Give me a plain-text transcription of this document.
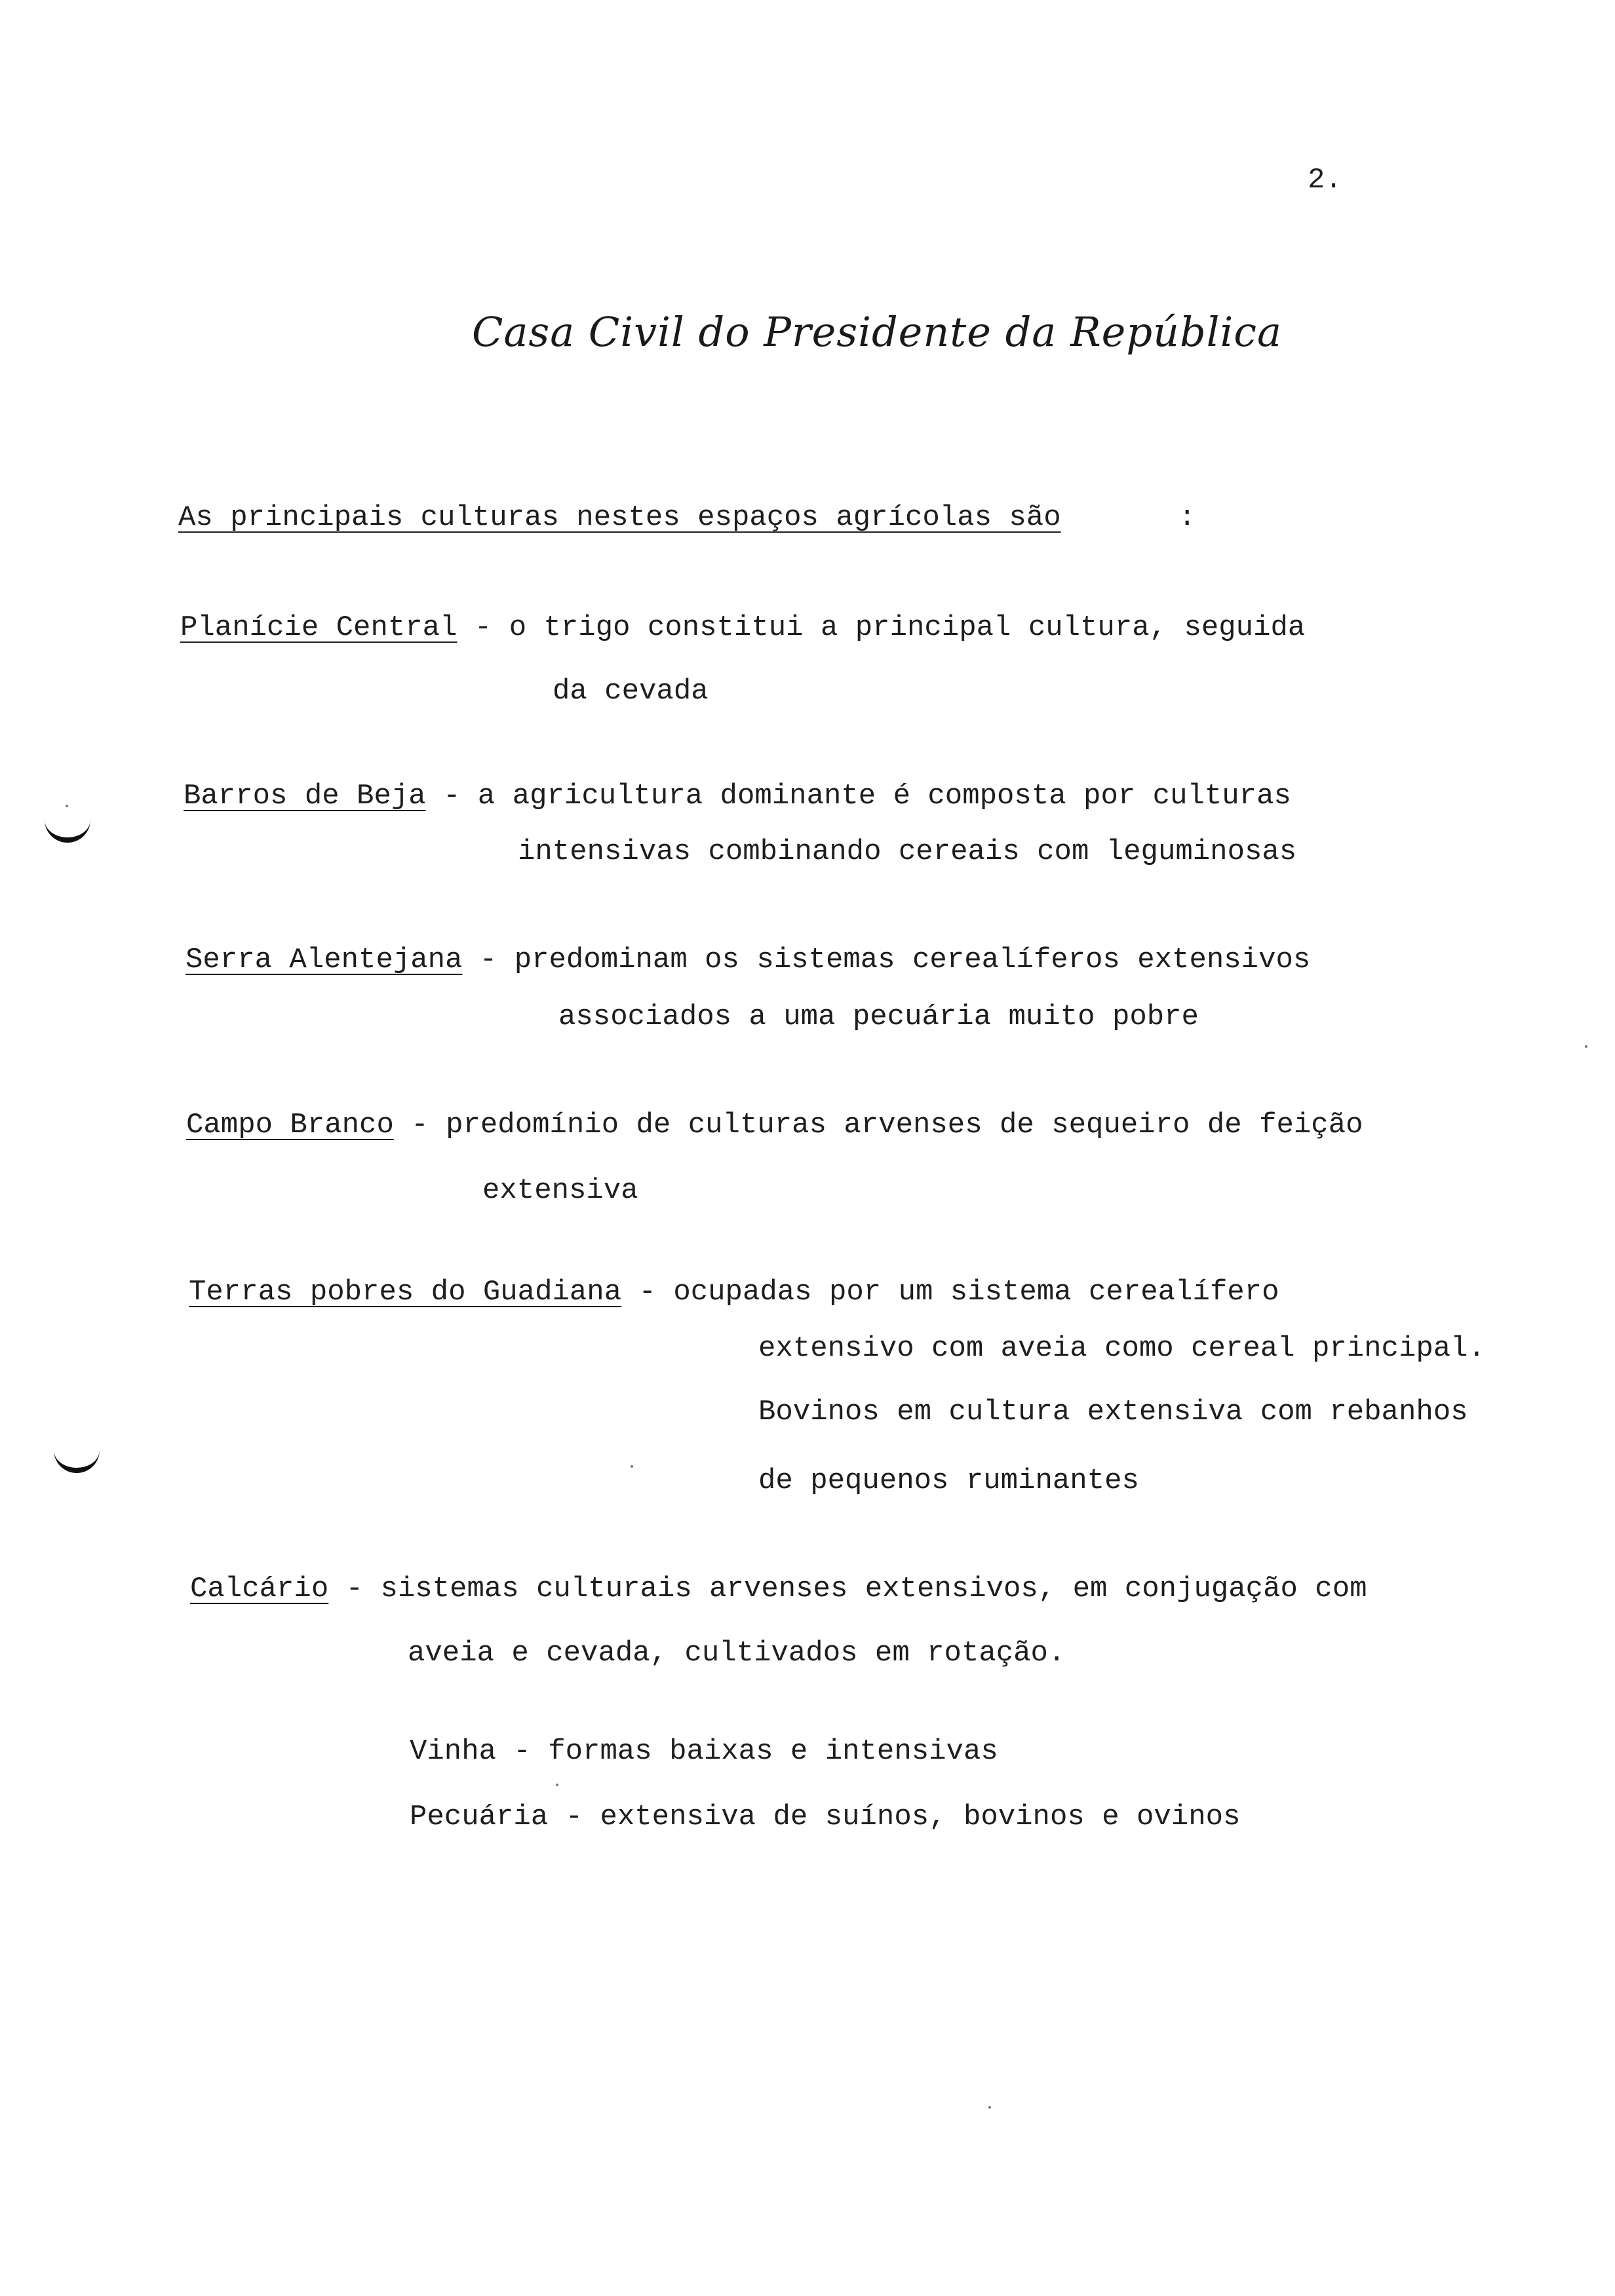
2.
Casa Civil do Presidente da República
As principais culturas nestes espaços agrícolas são	:
Planície Central - o trigo constitui a principal cultura, seguida
da cevada
Barros de Beja - a agricultura dominante é composta por culturas
intensivas combinando cereais com leguminosas
Serra Alentejana - predominam os sistemas cerealíferos extensivos
associados a uma pecuária muito pobre
Campo Branco - predomínio de culturas arvenses de sequeiro de feição
extensiva
Terras pobres do Guadiana - ocupadas por um sistema cerealífero
extensivo com aveia como cereal principal.
Bovinos em cultura extensiva com rebanhos
de pequenos ruminantes
Calcário - sistemas culturais arvenses extensivos, em conjugação com
aveia e cevada, cultivados em rotação.
Vinha - formas baixas e intensivas
Pecuária - extensiva de suínos, bovinos e ovinos
